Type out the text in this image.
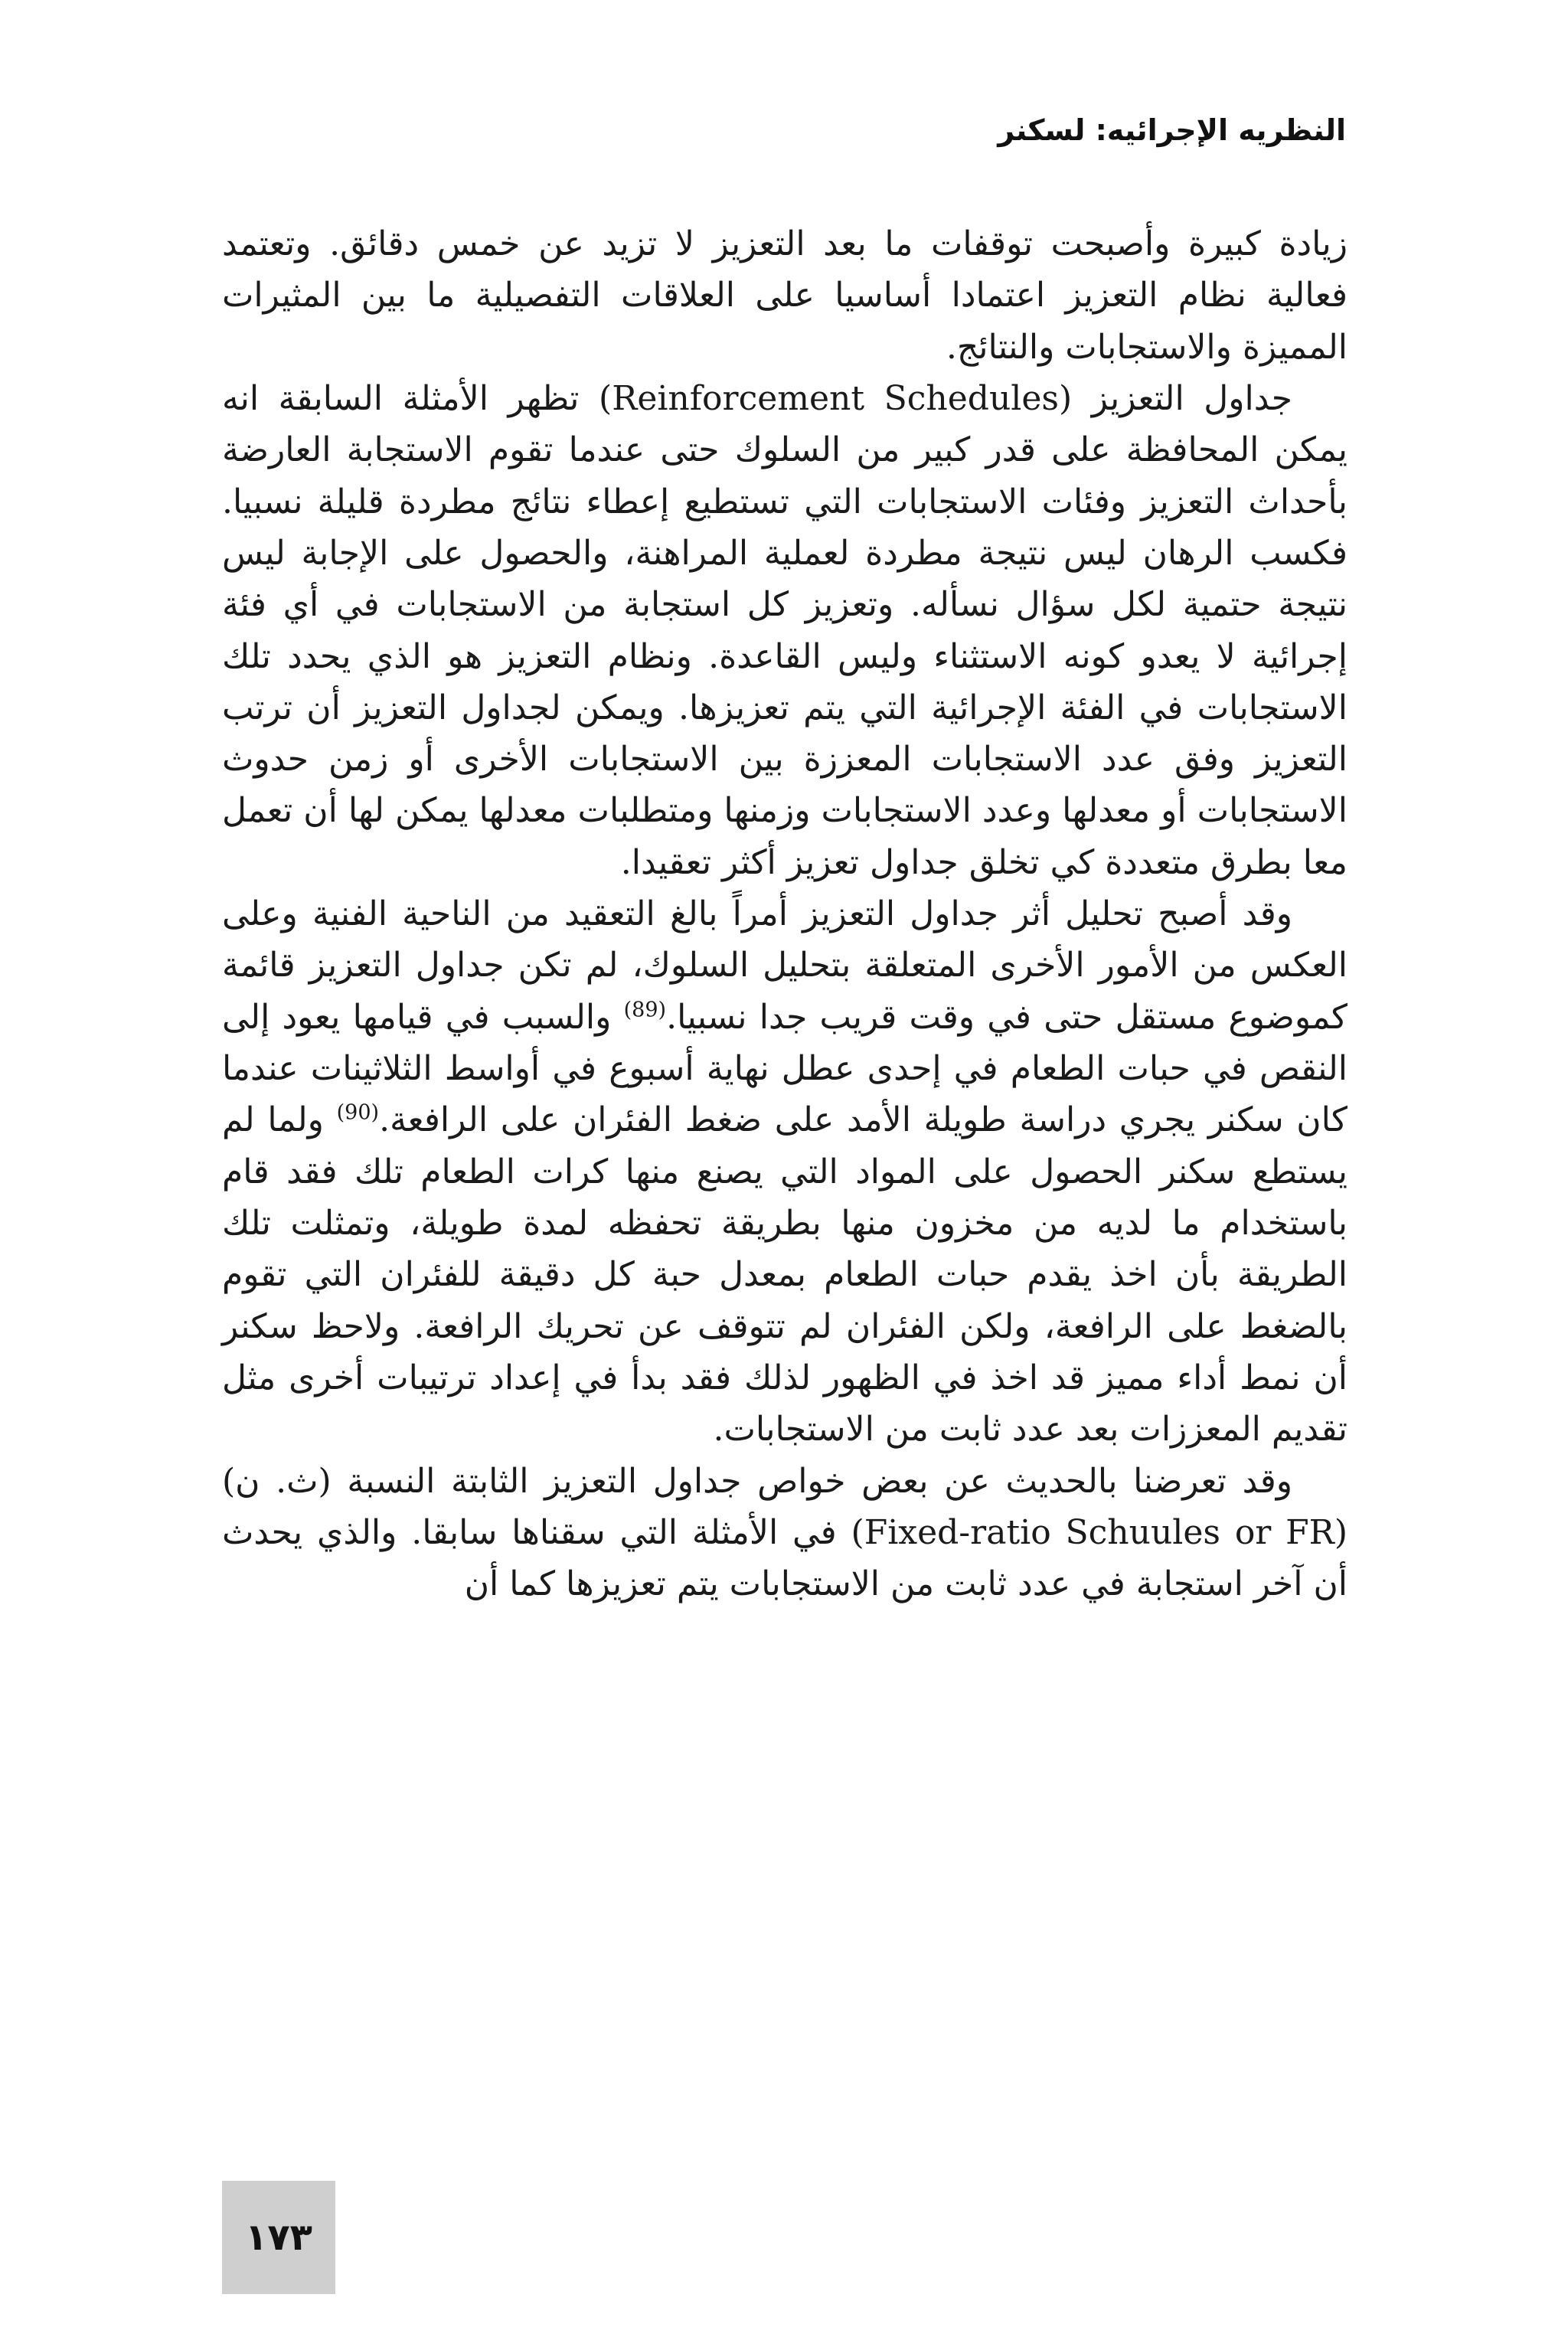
النظريه الإجرائيه: لسكنر

زيادة كبيرة وأصبحت توقفات ما بعد التعزيز لا تزيد عن خمس دقائق. وتعتمد فعالية نظام التعزيز اعتمادا أساسيا على العلاقات التفصيلية ما بين المثيرات المميزة والاستجابات والنتائج.

جداول التعزيز (Reinforcement Schedules) تظهر الأمثلة السابقة انه يمكن المحافظة على قدر كبير من السلوك حتى عندما تقوم الاستجابة العارضة بأحداث التعزيز وفئات الاستجابات التي تستطيع إعطاء نتائج مطردة قليلة نسبيا. فكسب الرهان ليس نتيجة مطردة لعملية المراهنة، والحصول على الإجابة ليس نتيجة حتمية لكل سؤال نسأله. وتعزيز كل استجابة من الاستجابات في أي فئة إجرائية لا يعدو كونه الاستثناء وليس القاعدة. ونظام التعزيز هو الذي يحدد تلك الاستجابات في الفئة الإجرائية التي يتم تعزيزها. ويمكن لجداول التعزيز أن ترتب التعزيز وفق عدد الاستجابات المعززة بين الاستجابات الأخرى أو زمن حدوث الاستجابات أو معدلها وعدد الاستجابات وزمنها ومتطلبات معدلها يمكن لها أن تعمل معا بطرق متعددة كي تخلق جداول تعزيز أكثر تعقيدا.

وقد أصبح تحليل أثر جداول التعزيز أمراً بالغ التعقيد من الناحية الفنية وعلى العكس من الأمور الأخرى المتعلقة بتحليل السلوك، لم تكن جداول التعزيز قائمة كموضوع مستقل حتى في وقت قريب جدا نسبيا.$^{(89)}$ والسبب في قيامها يعود إلى النقص في حبات الطعام في إحدى عطل نهاية أسبوع في أواسط الثلاثينات عندما كان سكنر يجري دراسة طويلة الأمد على ضغط الفئران على الرافعة.$^{(90)}$ ولما لم يستطع سكنر الحصول على المواد التي يصنع منها كرات الطعام تلك فقد قام باستخدام ما لديه من مخزون منها بطريقة تحفظه لمدة طويلة، وتمثلت تلك الطريقة بأن اخذ يقدم حبات الطعام بمعدل حبة كل دقيقة للفئران التي تقوم بالضغط على الرافعة، ولكن الفئران لم تتوقف عن تحريك الرافعة. ولاحظ سكنر أن نمط أداء مميز قد اخذ في الظهور لذلك فقد بدأ في إعداد ترتيبات أخرى مثل تقديم المعززات بعد عدد ثابت من الاستجابات.

وقد تعرضنا بالحديث عن بعض خواص جداول التعزيز الثابتة النسبة (ث. ن) (Fixed-ratio Schuules or FR) في الأمثلة التي سقناها سابقا. والذي يحدث أن آخر استجابة في عدد ثابت من الاستجابات يتم تعزيزها كما أن

١٧٣
